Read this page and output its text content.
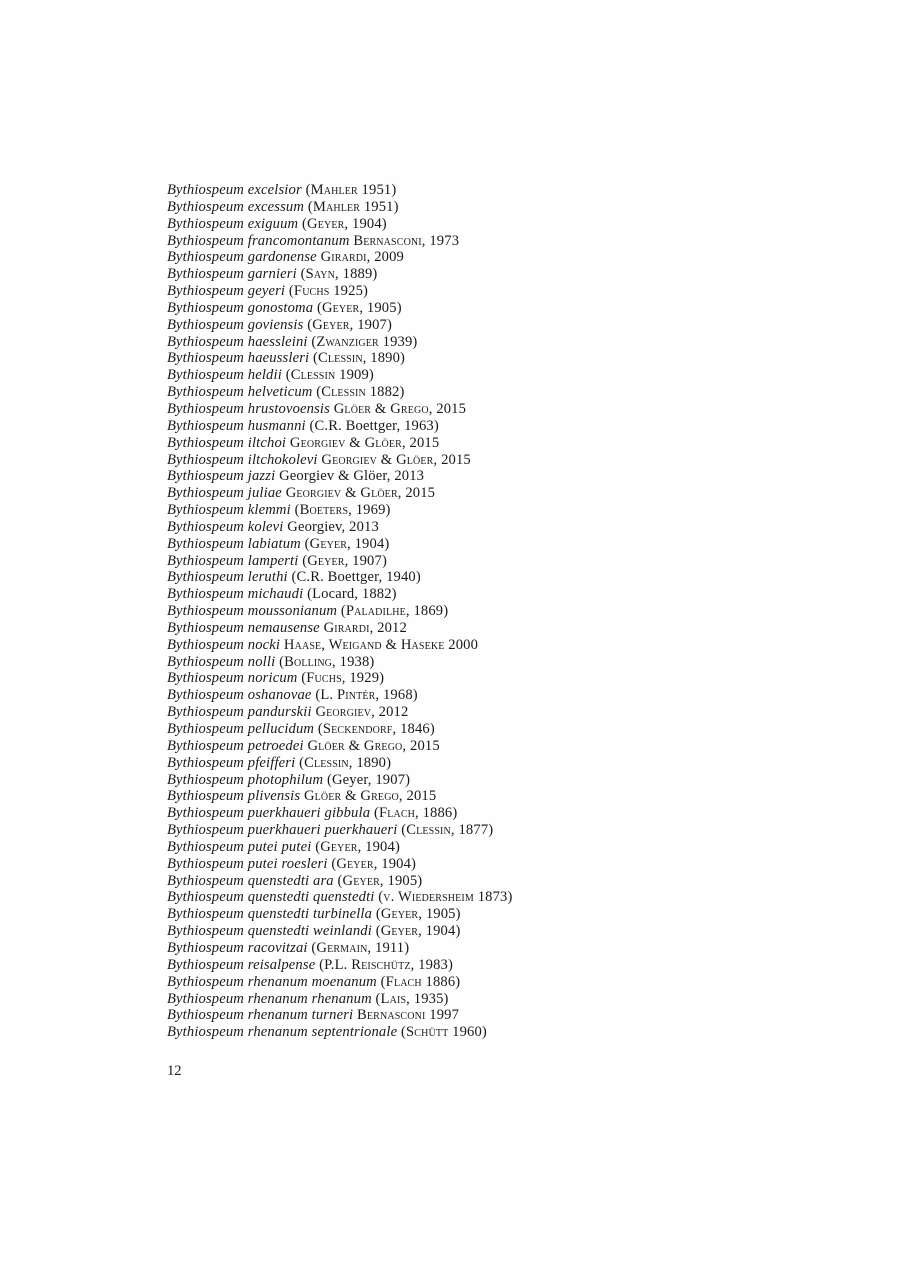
Bythiospeum excelsior (Mahler 1951)
Bythiospeum excessum (Mahler 1951)
Bythiospeum exiguum (Geyer, 1904)
Bythiospeum francomontanum Bernasconi, 1973
Bythiospeum gardonense Girardi, 2009
Bythiospeum garnieri (Sayn, 1889)
Bythiospeum geyeri (Fuchs 1925)
Bythiospeum gonostoma (Geyer, 1905)
Bythiospeum goviensis (Geyer, 1907)
Bythiospeum haessleini (Zwanziger 1939)
Bythiospeum haeussleri (Clessin, 1890)
Bythiospeum heldii (Clessin 1909)
Bythiospeum helveticum (Clessin 1882)
Bythiospeum hrustovoensis Glöer & Grego, 2015
Bythiospeum husmanni (C.R. Boettger, 1963)
Bythiospeum iltchoi Georgiev & Glöer, 2015
Bythiospeum iltchokolevi Georgiev & Glöer, 2015
Bythiospeum jazzi Georgiev & Glöer, 2013
Bythiospeum juliae Georgiev & Glöer, 2015
Bythiospeum klemmi (Boeters, 1969)
Bythiospeum kolevi Georgiev, 2013
Bythiospeum labiatum (Geyer, 1904)
Bythiospeum lamperti (Geyer, 1907)
Bythiospeum leruthi (C.R. Boettger, 1940)
Bythiospeum michaudi (Locard, 1882)
Bythiospeum moussonianum (Paladilhe, 1869)
Bythiospeum nemausense Girardi, 2012
Bythiospeum nocki Haase, Weigand & Haseke 2000
Bythiospeum nolli (Bolling, 1938)
Bythiospeum noricum (Fuchs, 1929)
Bythiospeum oshanovae (L. Pintér, 1968)
Bythiospeum pandurskii Georgiev, 2012
Bythiospeum pellucidum (Seckendorf, 1846)
Bythiospeum petroedei Glöer & Grego, 2015
Bythiospeum pfeifferi (Clessin, 1890)
Bythiospeum photophilum (Geyer, 1907)
Bythiospeum plivensis Glöer & Grego, 2015
Bythiospeum puerkhaueri gibbula (Flach, 1886)
Bythiospeum puerkhaueri puerkhaueri (Clessin, 1877)
Bythiospeum putei putei (Geyer, 1904)
Bythiospeum putei roesleri (Geyer, 1904)
Bythiospeum quenstedti ara (Geyer, 1905)
Bythiospeum quenstedti quenstedti (v. Wiedersheim 1873)
Bythiospeum quenstedti turbinella (Geyer, 1905)
Bythiospeum quenstedti weinlandi (Geyer, 1904)
Bythiospeum racovitzai (Germain, 1911)
Bythiospeum reisalpense (P.L. Reischütz, 1983)
Bythiospeum rhenanum moenanum (Flach 1886)
Bythiospeum rhenanum rhenanum (Lais, 1935)
Bythiospeum rhenanum turneri Bernasconi 1997
Bythiospeum rhenanum septentrionale (Schütt 1960)
12
